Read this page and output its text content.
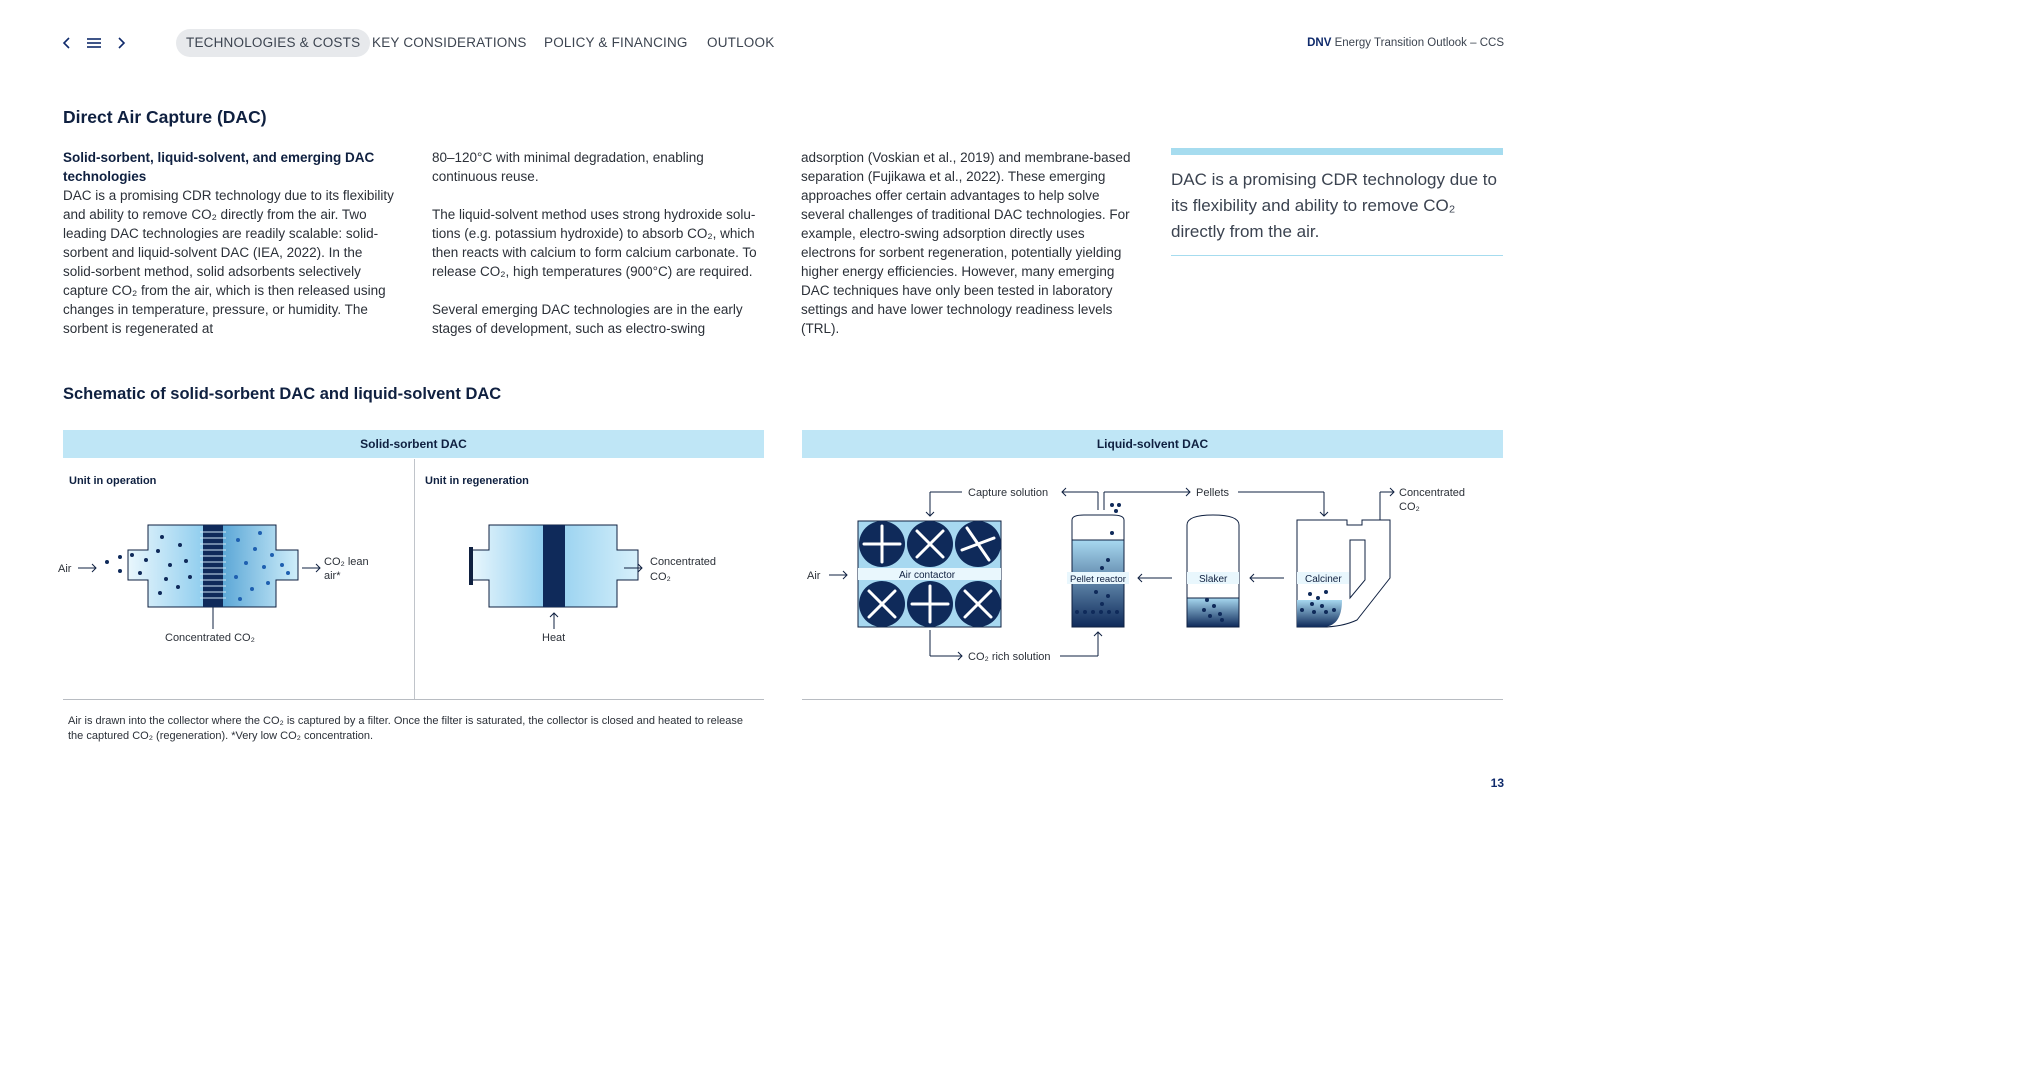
TECHNOLOGIES & COSTS KEY CONSIDERATIONS POLICY & FINANCING OUTLOOK	DNV Energy Transition Outlook – CCS
Direct Air Capture (DAC)

Solid-sorbent, liquid-solvent, and emerging DAC technologies

DAC is a promising CDR technology due to its flexibility and ability to remove CO₂ directly from the air. Two leading DAC technologies are readily scalable: solid-sorbent and liquid-solvent DAC (IEA, 2022). In the solid-sorbent method, solid adsorbents selectively capture CO₂ from the air, which is then released using changes in temperature, pressure, or humidity. The sorbent is regenerated at

80–120°C with minimal degradation, enabling continuous reuse.

The liquid-solvent method uses strong hydroxide solu-tions (e.g. potassium hydroxide) to absorb CO₂, which then reacts with calcium to form calcium carbonate. To release CO₂, high temperatures (900°C) are required.

Several emerging DAC technologies are in the early stages of development, such as electro-swing

adsorption (Voskian et al., 2019) and membrane-based separation (Fujikawa et al., 2022). These emerging approaches offer certain advantages to help solve several challenges of traditional DAC technologies. For example, electro-swing adsorption directly uses electrons for sorbent regeneration, potentially yielding higher energy efficiencies. However, many emerging DAC techniques have only been tested in laboratory settings and have lower technology readiness levels (TRL).

DAC is a promising CDR technology due to its flexibility and ability to remove CO₂ directly from the air.
Schematic of solid-sorbent DAC and liquid-solvent DAC
Solid-sorbent DAC	Liquid-solvent DAC
Unit in operation	Unit in regeneration
Air
CO₂ lean
air*
Concentrated CO₂
Concentrated
CO₂
Heat
Air contactor
Air	Pellet reactor	Slaker	Calciner
Capture solution	Pellets	Concentrated
CO₂
CO₂ rich solution
Air is drawn into the collector where the CO₂ is captured by a filter. Once the filter is saturated, the collector is closed and heated to release the captured CO₂ (regeneration). *Very low CO₂ concentration.
13
